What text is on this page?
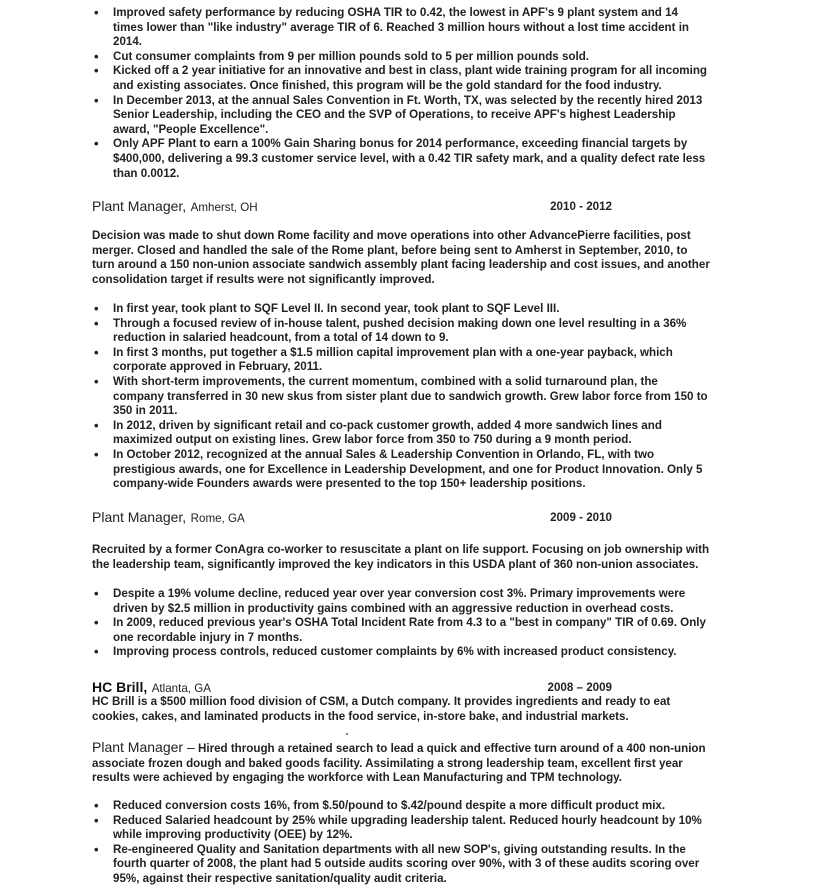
• Improved safety performance by reducing OSHA TIR to 0.42, the lowest in APF's 9 plant system and 14 times lower than "like industry" average TIR of 6. Reached 3 million hours without a lost time accident in 2014.
• Cut consumer complaints from 9 per million pounds sold to 5 per million pounds sold.
• Kicked off a 2 year initiative for an innovative and best in class, plant wide training program for all incoming and existing associates. Once finished, this program will be the gold standard for the food industry.
• In December 2013, at the annual Sales Convention in Ft. Worth, TX, was selected by the recently hired 2013 Senior Leadership, including the CEO and the SVP of Operations, to receive APF's highest Leadership award, "People Excellence".
• Only APF Plant to earn a 100% Gain Sharing bonus for 2014 performance, exceeding financial targets by $400,000, delivering a 99.3 customer service level, with a 0.42 TIR safety mark, and a quality defect rate less than 0.0012.
Plant Manager, Amherst, OH	2010 - 2012

Decision was made to shut down Rome facility and move operations into other AdvancePierre facilities, post merger. Closed and handled the sale of the Rome plant, before being sent to Amherst in September, 2010, to turn around a 150 non-union associate sandwich assembly plant facing leadership and cost issues, and another consolidation target if results were not significantly improved.

• In first year, took plant to SQF Level II. In second year, took plant to SQF Level III.
• Through a focused review of in-house talent, pushed decision making down one level resulting in a 36% reduction in salaried headcount, from a total of 14 down to 9.
• In first 3 months, put together a $1.5 million capital improvement plan with a one-year payback, which corporate approved in February, 2011.
• With short-term improvements, the current momentum, combined with a solid turnaround plan, the company transferred in 30 new skus from sister plant due to sandwich growth. Grew labor force from 150 to 350 in 2011.
• In 2012, driven by significant retail and co-pack customer growth, added 4 more sandwich lines and maximized output on existing lines. Grew labor force from 350 to 750 during a 9 month period.
• In October 2012, recognized at the annual Sales & Leadership Convention in Orlando, FL, with two prestigious awards, one for Excellence in Leadership Development, and one for Product Innovation. Only 5 company-wide Founders awards were presented to the top 150+ leadership positions.
Plant Manager, Rome, GA	2009 - 2010

Recruited by a former ConAgra co-worker to resuscitate a plant on life support. Focusing on job ownership with the leadership team, significantly improved the key indicators in this USDA plant of 360 non-union associates.

• Despite a 19% volume decline, reduced year over year conversion cost 3%. Primary improvements were driven by $2.5 million in productivity gains combined with an aggressive reduction in overhead costs.
• In 2009, reduced previous year's OSHA Total Incident Rate from 4.3 to a "best in company" TIR of 0.69. Only one recordable injury in 7 months.
• Improving process controls, reduced customer complaints by 6% with increased product consistency.
HC Brill, Atlanta, GA	2008 – 2009

HC Brill is a $500 million food division of CSM, a Dutch company. It provides ingredients and ready to eat cookies, cakes, and laminated products in the food service, in-store bake, and industrial markets.

Plant Manager – Hired through a retained search to lead a quick and effective turn around of a 400 non-union associate frozen dough and baked goods facility. Assimilating a strong leadership team, excellent first year results were achieved by engaging the workforce with Lean Manufacturing and TPM technology.

• Reduced conversion costs 16%, from $.50/pound to $.42/pound despite a more difficult product mix.
• Reduced Salaried headcount by 25% while upgrading leadership talent. Reduced hourly headcount by 10% while improving productivity (OEE) by 12%.
• Re-engineered Quality and Sanitation departments with all new SOP's, giving outstanding results. In the fourth quarter of 2008, the plant had 5 outside audits scoring over 90%, with 3 of these audits scoring over 95%, against their respective sanitation/quality audit criteria.
